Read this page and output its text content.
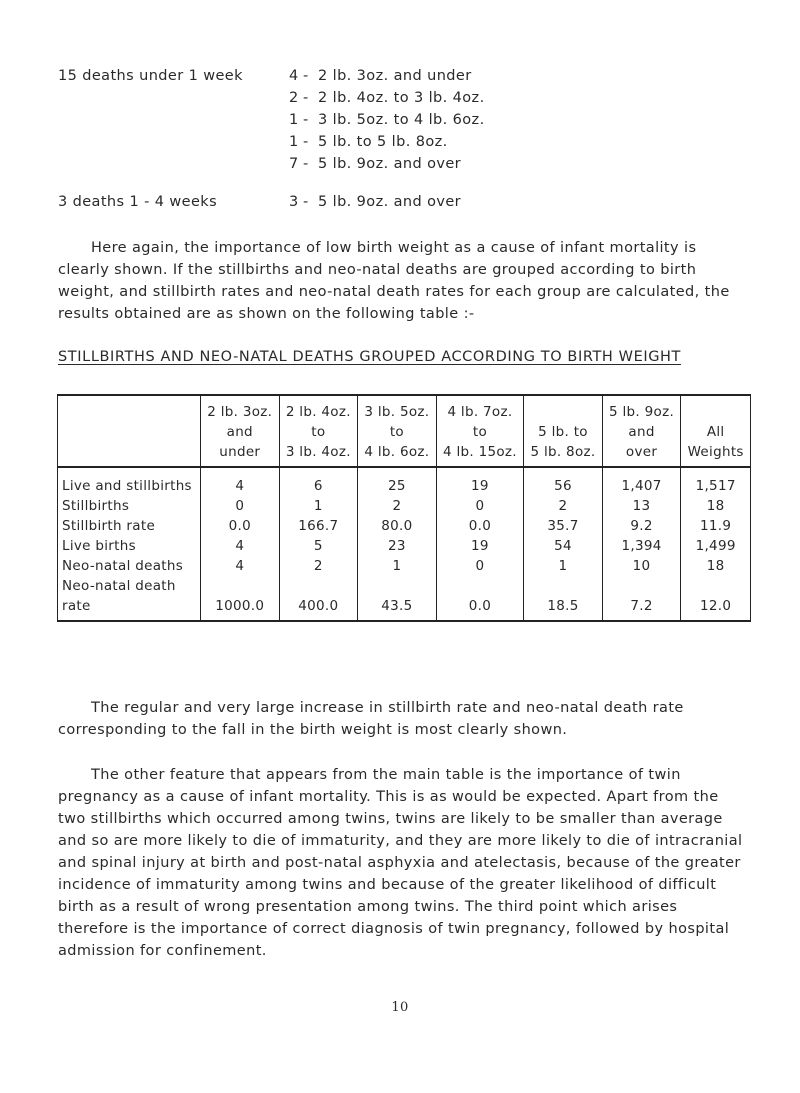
15 deaths under 1 week	4 - 2 lb. 3oz. and under
2 - 2 lb. 4oz. to 3 lb. 4oz.
1 - 3 lb. 5oz. to 4 lb. 6oz.
1 - 5 lb. to 5 lb. 8oz.
7 - 5 lb. 9oz. and over
3 deaths 1 - 4 weeks	3 - 5 lb. 9oz. and over

Here again, the importance of low birth weight as a cause of infant mortality is clearly shown. If the stillbirths and neo-natal deaths are grouped according to birth weight, and stillbirth rates and neo-natal death rates for each group are calculated, the results obtained are as shown on the following table :-

STILLBIRTHS AND NEO-NATAL DEATHS GROUPED ACCORDING TO BIRTH WEIGHT

	2 lb. 3oz.
and
under	2 lb. 4oz.
to
3 lb. 4oz.	3 lb. 5oz.
to
4 lb. 6oz.	4 lb. 7oz.
to
4 lb. 15oz.	5 lb. to
5 lb. 8oz.	5 lb. 9oz.
and
over	All
Weights

Live and stillbirths	4	6	25	19	56	1,407	1,517
Stillbirths	0	1	2	0	2	13	18
Stillbirth rate	0.0	166.7	80.0	0.0	35.7	9.2	11.9
Live births	4	5	23	19	54	1,394	1,499
Neo-natal deaths	4	2	1	0	1	10	18
Neo-natal death							
rate	1000.0	400.0	43.5	0.0	18.5	7.2	12.0

The regular and very large increase in stillbirth rate and neo-natal death rate corresponding to the fall in the birth weight is most clearly shown.

The other feature that appears from the main table is the importance of twin pregnancy as a cause of infant mortality. This is as would be expected. Apart from the two stillbirths which occurred among twins, twins are likely to be smaller than average and so are more likely to die of immaturity, and they are more likely to die of intracranial and spinal injury at birth and post-natal asphyxia and atelectasis, because of the greater incidence of immaturity among twins and because of the greater likelihood of difficult birth as a result of wrong presentation among twins. The third point which arises therefore is the importance of correct diagnosis of twin pregnancy, followed by hospital admission for confinement.

10
